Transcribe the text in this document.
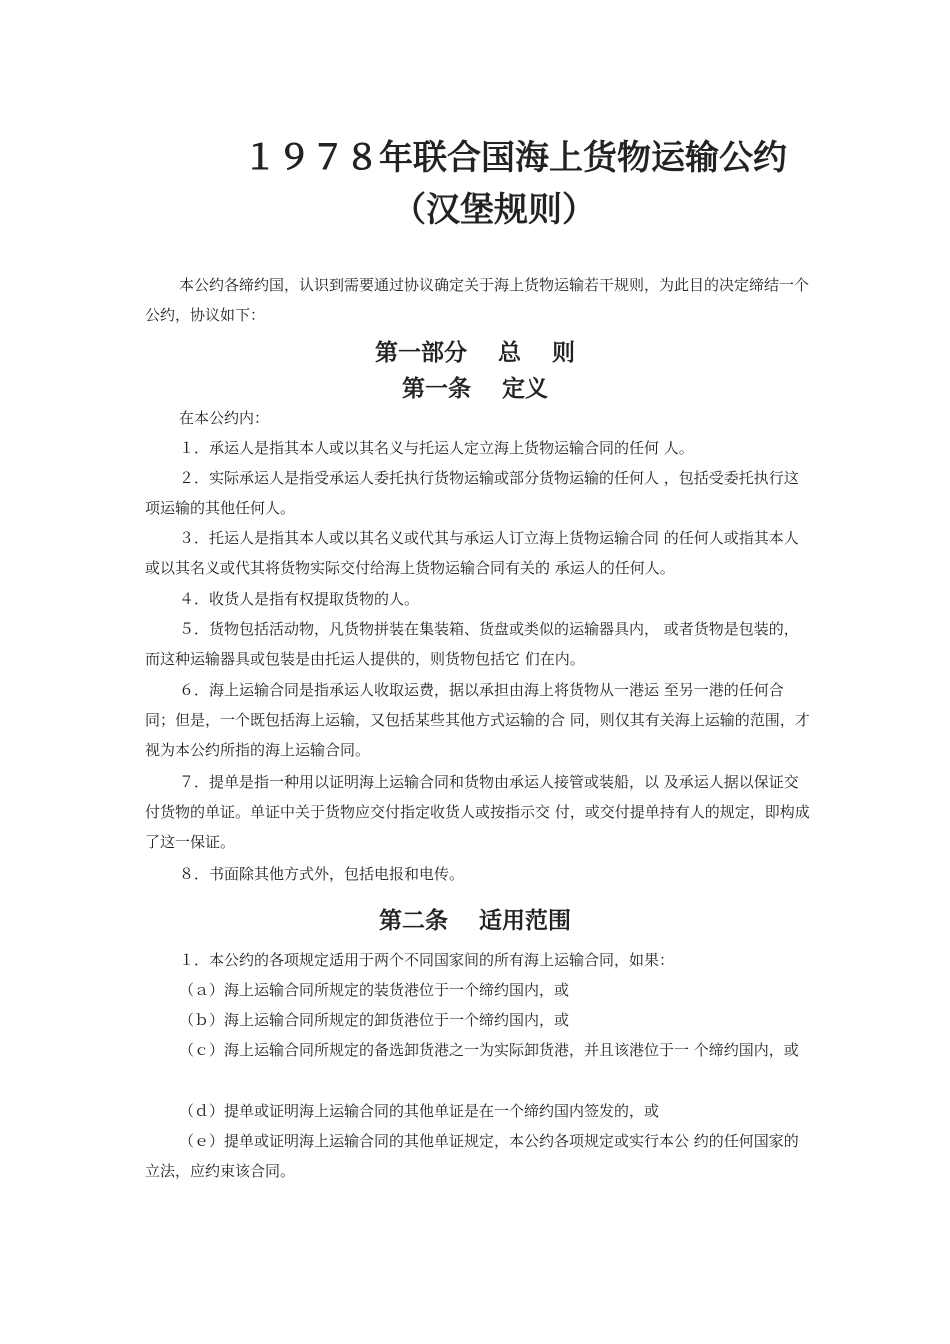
１９７８年联合国海上货物运输公约
（汉堡规则）
本公约各缔约国，认识到需要通过协议确定关于海上货物运输若干规则，为此目的决定缔结一个公约，协议如下：
第一部分　 总　 则
第一条　 定义
在本公约内：
１．承运人是指其本人或以其名义与托运人定立海上货物运输合同的任何 人。
２．实际承运人是指受承运人委托执行货物运输或部分货物运输的任何人 ，包括受委托执行这项运输的其他任何人。
３．托运人是指其本人或以其名义或代其与承运人订立海上货物运输合同 的任何人或指其本人或以其名义或代其将货物实际交付给海上货物运输合同有关的 承运人的任何人。
４．收货人是指有权提取货物的人。
５．货物包括活动物，凡货物拼装在集装箱、货盘或类似的运输器具内， 或者货物是包装的，而这种运输器具或包装是由托运人提供的，则货物包括它 们在内。
６．海上运输合同是指承运人收取运费，据以承担由海上将货物从一港运 至另一港的任何合同；但是，一个既包括海上运输，又包括某些其他方式运输的合 同，则仅其有关海上运输的范围，才视为本公约所指的海上运输合同。
７．提单是指一种用以证明海上运输合同和货物由承运人接管或装船，以 及承运人据以保证交付货物的单证。单证中关于货物应交付指定收货人或按指示交 付，或交付提单持有人的规定，即构成了这一保证。
８．书面除其他方式外，包括电报和电传。
第二条　 适用范围
１．本公约的各项规定适用于两个不同国家间的所有海上运输合同，如果：
（ａ）海上运输合同所规定的装货港位于一个缔约国内，或
（ｂ）海上运输合同所规定的卸货港位于一个缔约国内，或
（ｃ）海上运输合同所规定的备选卸货港之一为实际卸货港，并且该港位于一 个缔约国内，或
（ｄ）提单或证明海上运输合同的其他单证是在一个缔约国内签发的，或
（ｅ）提单或证明海上运输合同的其他单证规定，本公约各项规定或实行本公 约的任何国家的立法，应约束该合同。
